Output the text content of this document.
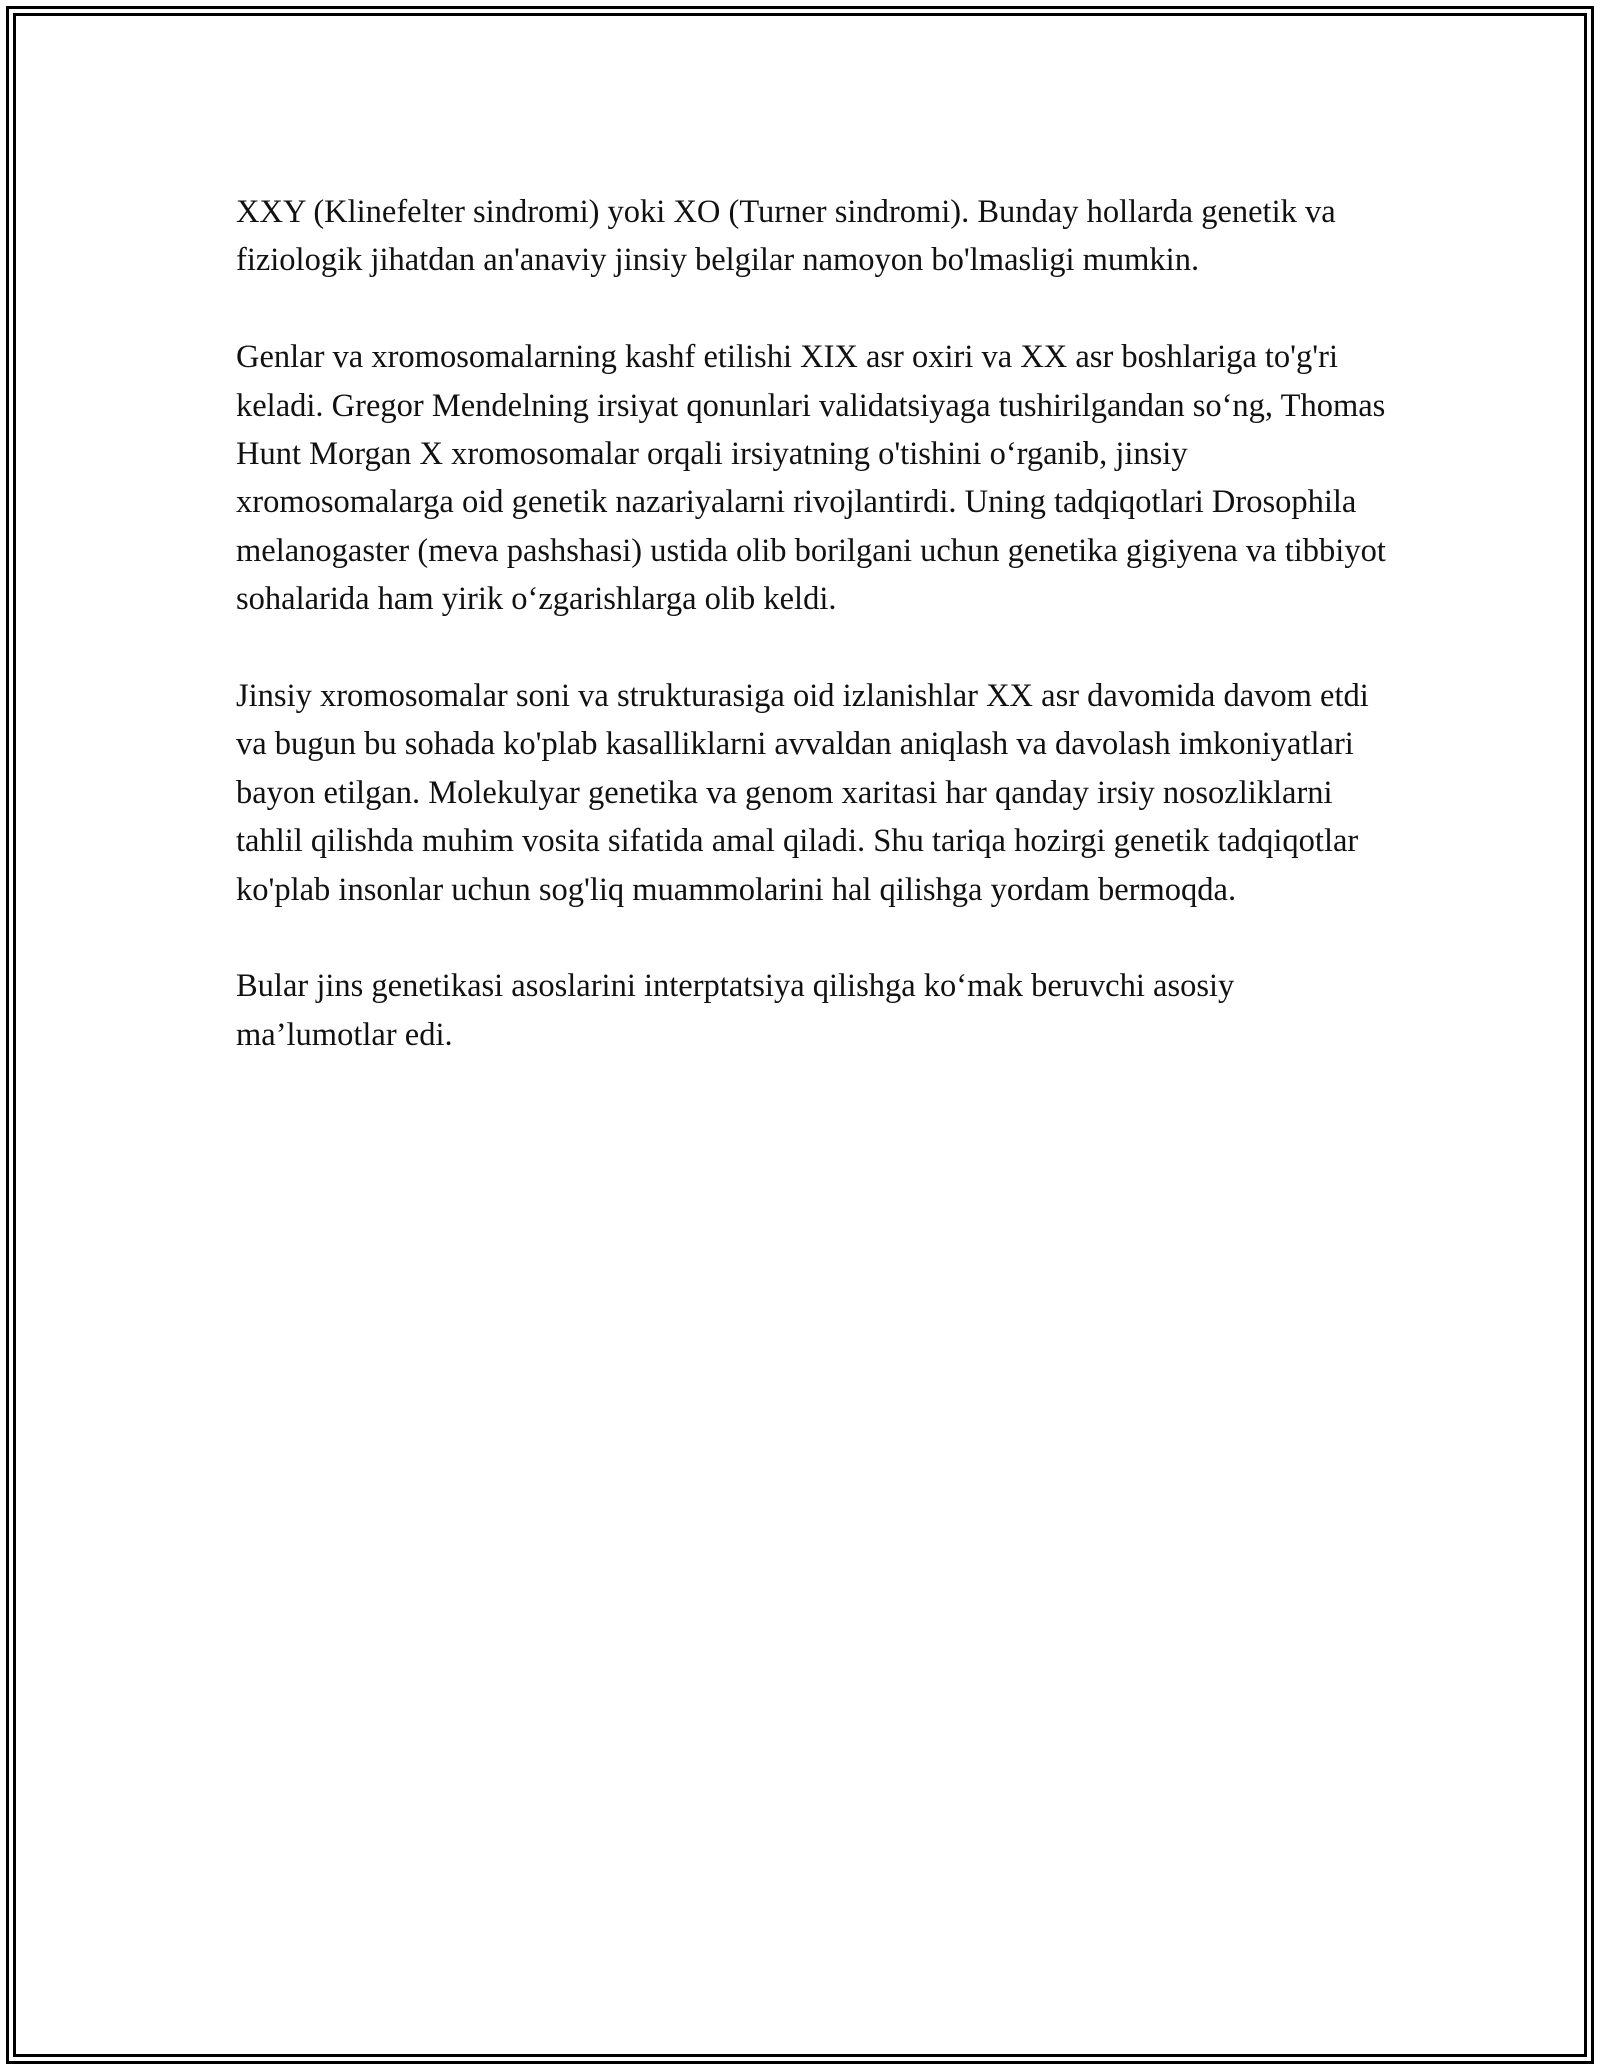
XXY (Klinefelter sindromi) yoki XO (Turner sindromi). Bunday hollarda genetik va fiziologik jihatdan an'anaviy jinsiy belgilar namoyon bo'lmasligi mumkin.

Genlar va xromosomalarning kashf etilishi XIX asr oxiri va XX asr boshlariga to'g'ri keladi. Gregor Mendelning irsiyat qonunlari validatsiyaga tushirilgandan so‘ng, Thomas Hunt Morgan X xromosomalar orqali irsiyatning o'tishini o‘rganib, jinsiy xromosomalarga oid genetik nazariyalarni rivojlantirdi. Uning tadqiqotlari Drosophila melanogaster (meva pashshasi) ustida olib borilgani uchun genetika gigiyena va tibbiyot sohalarida ham yirik o‘zgarishlarga olib keldi.

Jinsiy xromosomalar soni va strukturasiga oid izlanishlar XX asr davomida davom etdi va bugun bu sohada ko'plab kasalliklarni avvaldan aniqlash va davolash imkoniyatlari bayon etilgan. Molekulyar genetika va genom xaritasi har qanday irsiy nosozliklarni tahlil qilishda muhim vosita sifatida amal qiladi. Shu tariqa hozirgi genetik tadqiqotlar ko'plab insonlar uchun sog'liq muammolarini hal qilishga yordam bermoqda.

Bular jins genetikasi asoslarini interptatsiya qilishga ko‘mak beruvchi asosiy ma’lumotlar edi.
